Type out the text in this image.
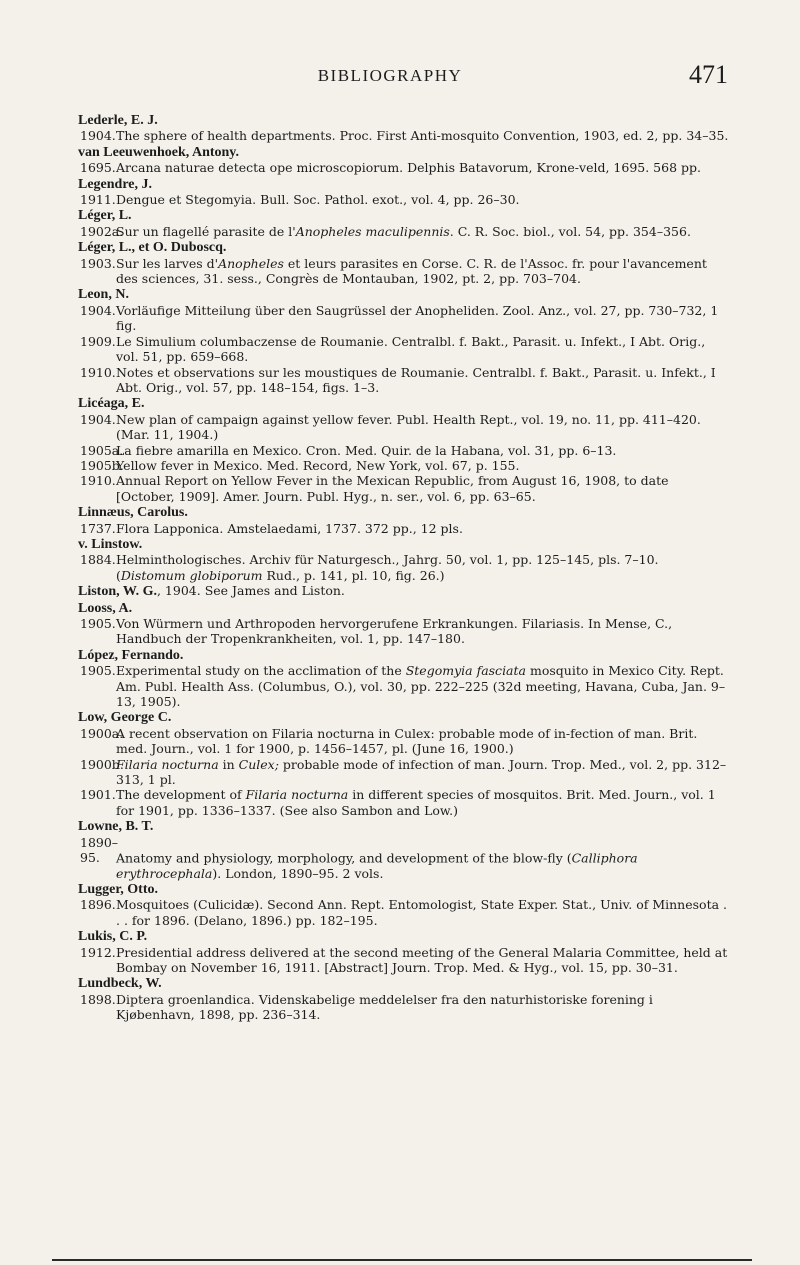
BIBLIOGRAPHY	471
Lederle, E. J.
1904.The sphere of health departments. Proc. First Anti-mosquito Convention, 1903, ed. 2, pp. 34–35.
van Leeuwenhoek, Antony.
1695.Arcana naturae detecta ope microscopiorum. Delphis Batavorum, Krone-veld, 1695. 568 pp.
Legendre, J.
1911.Dengue et Stegomyia. Bull. Soc. Pathol. exot., vol. 4, pp. 26–30.
Léger, L.
1902a.Sur un flagellé parasite de l'Anopheles maculipennis. C. R. Soc. biol., vol. 54, pp. 354–356.
Léger, L., et O. Duboscq.
1903.Sur les larves d'Anopheles et leurs parasites en Corse. C. R. de l'Assoc. fr. pour l'avancement des sciences, 31. sess., Congrès de Montauban, 1902, pt. 2, pp. 703–704.
Leon, N.
1904.Vorläufige Mitteilung über den Saugrüssel der Anopheliden. Zool. Anz., vol. 27, pp. 730–732, 1 fig.
1909.Le Simulium columbaczense de Roumanie. Centralbl. f. Bakt., Parasit. u. Infekt., I Abt. Orig., vol. 51, pp. 659–668.
1910.Notes et observations sur les moustiques de Roumanie. Centralbl. f. Bakt., Parasit. u. Infekt., I Abt. Orig., vol. 57, pp. 148–154, figs. 1–3.
Licéaga, E.
1904.New plan of campaign against yellow fever. Publ. Health Rept., vol. 19, no. 11, pp. 411–420. (Mar. 11, 1904.)
1905a.La fiebre amarilla en Mexico. Cron. Med. Quir. de la Habana, vol. 31, pp. 6–13.
1905b.Yellow fever in Mexico. Med. Record, New York, vol. 67, p. 155.
1910.Annual Report on Yellow Fever in the Mexican Republic, from August 16, 1908, to date [October, 1909]. Amer. Journ. Publ. Hyg., n. ser., vol. 6, pp. 63–65.
Linnæus, Carolus.
1737.Flora Lapponica. Amstelaedami, 1737. 372 pp., 12 pls.
v. Linstow.
1884.Helminthologisches. Archiv für Naturgesch., Jahrg. 50, vol. 1, pp. 125–145, pls. 7–10. (Distomum globiporum Rud., p. 141, pl. 10, fig. 26.)
Liston, W. G., 1904. See James and Liston.
Looss, A.
1905.Von Würmern und Arthropoden hervorgerufene Erkrankungen. Filariasis. In Mense, C., Handbuch der Tropenkrankheiten, vol. 1, pp. 147–180.
López, Fernando.
1905.Experimental study on the acclimation of the Stegomyia fasciata mosquito in Mexico City. Rept. Am. Publ. Health Ass. (Columbus, O.), vol. 30, pp. 222–225 (32d meeting, Havana, Cuba, Jan. 9–13, 1905).
Low, George C.
1900a.A recent observation on Filaria nocturna in Culex: probable mode of in-fection of man. Brit. med. Journ., vol. 1 for 1900, p. 1456–1457, pl. (June 16, 1900.)
1900b.Filaria nocturna in Culex; probable mode of infection of man. Journ. Trop. Med., vol. 2, pp. 312–313, 1 pl.
1901.The development of Filaria nocturna in different species of mosquitos. Brit. Med. Journ., vol. 1 for 1901, pp. 1336–1337. (See also Sambon and Low.)
Lowne, B. T.
1890–95. Anatomy and physiology, morphology, and development of the blow-fly (Calliphora erythrocephala). London, 1890–95. 2 vols.
Lugger, Otto.
1896.Mosquitoes (Culicidæ). Second Ann. Rept. Entomologist, State Exper. Stat., Univ. of Minnesota . . . for 1896. (Delano, 1896.) pp. 182–195.
Lukis, C. P.
1912.Presidential address delivered at the second meeting of the General Malaria Committee, held at Bombay on November 16, 1911. [Abstract] Journ. Trop. Med. & Hyg., vol. 15, pp. 30–31.
Lundbeck, W.
1898.Diptera groenlandica. Videnskabelige meddelelser fra den naturhistoriske forening i Kjøbenhavn, 1898, pp. 236–314.
